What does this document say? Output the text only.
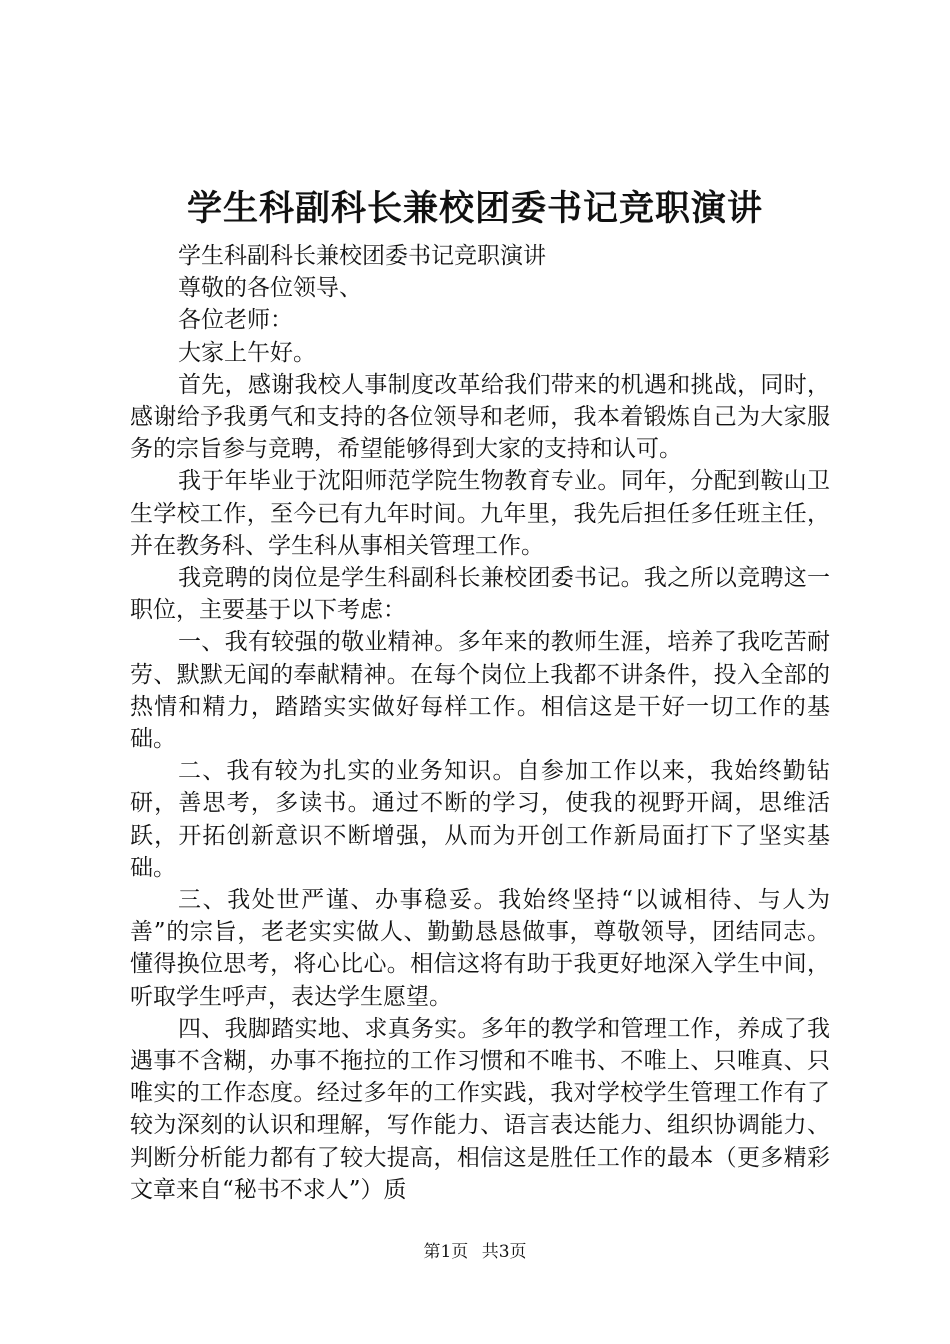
学生科副科长兼校团委书记竞职演讲

学生科副科长兼校团委书记竞职演讲

尊敬的各位领导、

各位老师：

大家上午好。

首先，感谢我校人事制度改革给我们带来的机遇和挑战，同时，感谢给予我勇气和支持的各位领导和老师，我本着锻炼自己为大家服务的宗旨参与竞聘，希望能够得到大家的支持和认可。

我于年毕业于沈阳师范学院生物教育专业。同年，分配到鞍山卫生学校工作，至今已有九年时间。九年里，我先后担任多任班主任，并在教务科、学生科从事相关管理工作。

我竞聘的岗位是学生科副科长兼校团委书记。我之所以竞聘这一职位，主要基于以下考虑：

一、我有较强的敬业精神。多年来的教师生涯，培养了我吃苦耐劳、默默无闻的奉献精神。在每个岗位上我都不讲条件，投入全部的热情和精力，踏踏实实做好每样工作。相信这是干好一切工作的基础。

二、我有较为扎实的业务知识。自参加工作以来，我始终勤钻研，善思考，多读书。通过不断的学习，使我的视野开阔，思维活跃，开拓创新意识不断增强，从而为开创工作新局面打下了坚实基础。

三、我处世严谨、办事稳妥。我始终坚持“以诚相待、与人为善”的宗旨，老老实实做人、勤勤恳恳做事，尊敬领导，团结同志。懂得换位思考，将心比心。相信这将有助于我更好地深入学生中间，听取学生呼声，表达学生愿望。

四、我脚踏实地、求真务实。多年的教学和管理工作，养成了我遇事不含糊，办事不拖拉的工作习惯和不唯书、不唯上、只唯真、只唯实的工作态度。经过多年的工作实践，我对学校学生管理工作有了较为深刻的认识和理解，写作能力、语言表达能力、组织协调能力、判断分析能力都有了较大提高，相信这是胜任工作的最本（更多精彩文章来自“秘书不求人”）质

第1页 共3页
